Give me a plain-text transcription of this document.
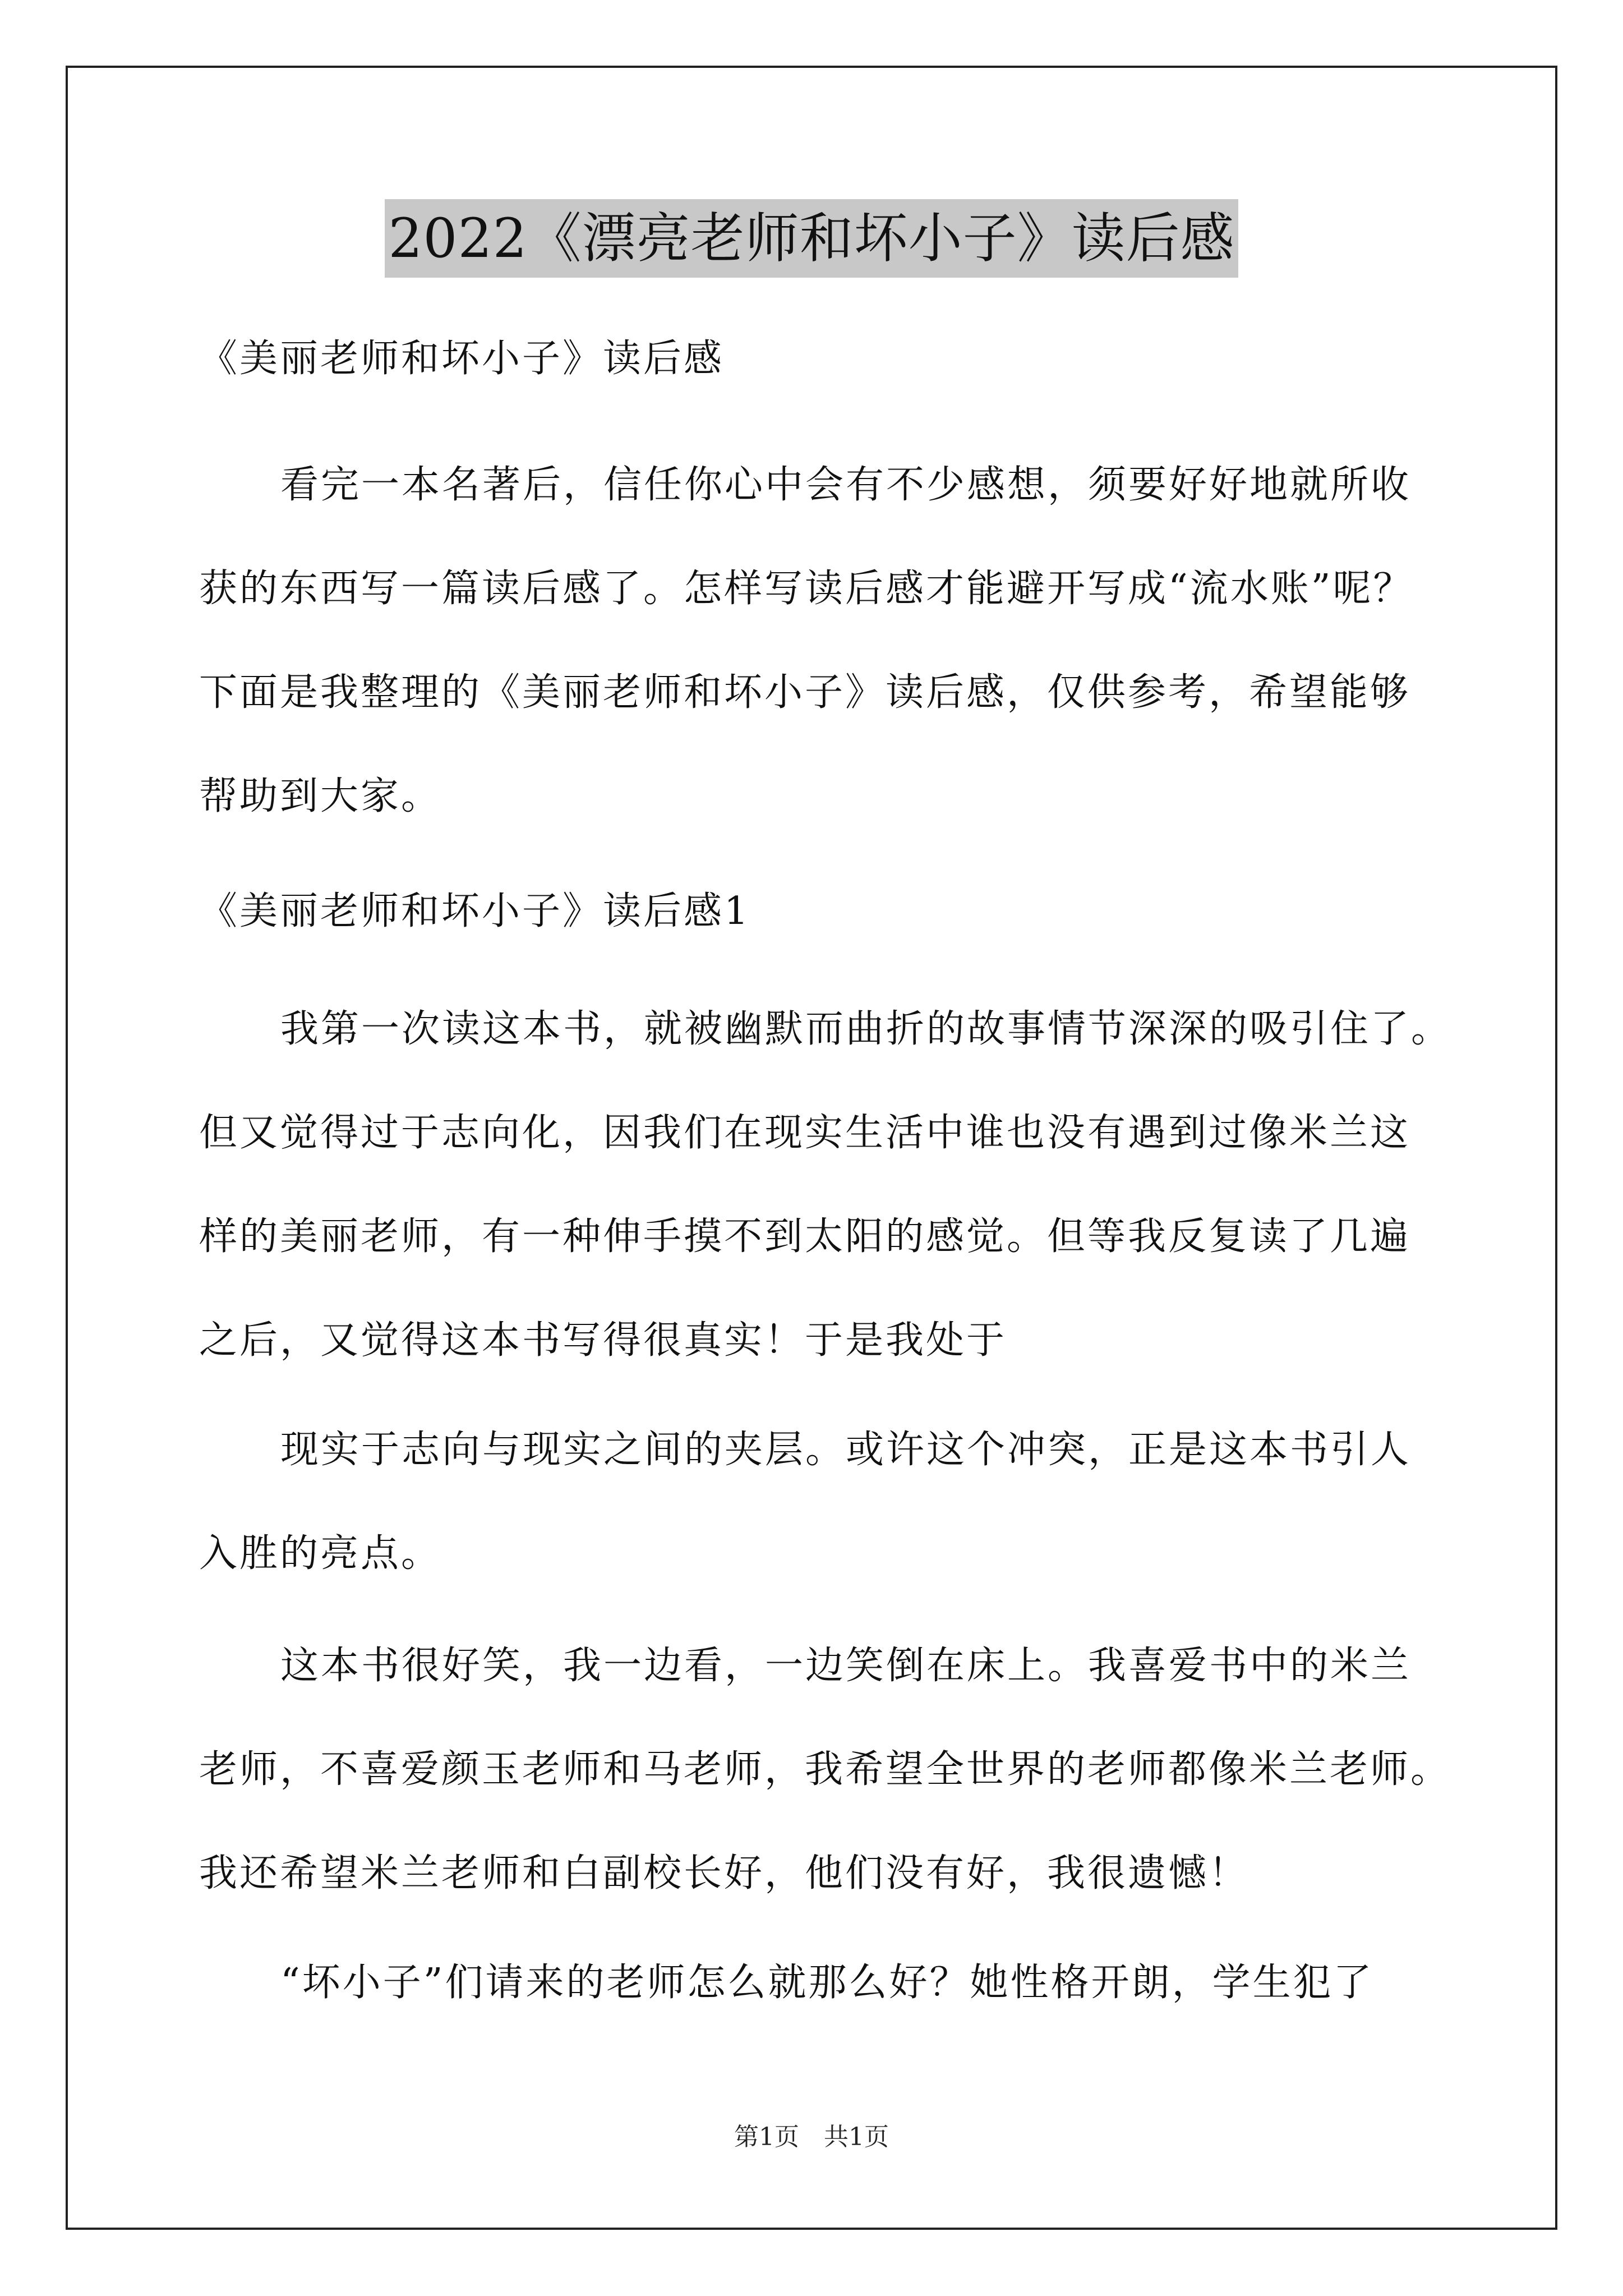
2022《漂亮老师和坏小子》读后感
《美丽老师和坏小子》读后感
看完一本名著后，信任你心中会有不少感想，须要好好地就所收
获的东西写一篇读后感了。怎样写读后感才能避开写成“流水账”呢？
下面是我整理的《美丽老师和坏小子》读后感，仅供参考，希望能够
帮助到大家。
《美丽老师和坏小子》读后感1
我第一次读这本书，就被幽默而曲折的故事情节深深的吸引住了。
但又觉得过于志向化，因我们在现实生活中谁也没有遇到过像米兰这
样的美丽老师，有一种伸手摸不到太阳的感觉。但等我反复读了几遍
之后，又觉得这本书写得很真实！于是我处于
现实于志向与现实之间的夹层。或许这个冲突，正是这本书引人
入胜的亮点。
这本书很好笑，我一边看，一边笑倒在床上。我喜爱书中的米兰
老师，不喜爱颜玉老师和马老师，我希望全世界的老师都像米兰老师。
我还希望米兰老师和白副校长好，他们没有好，我很遗憾！
“坏小子”们请来的老师怎么就那么好？她性格开朗，学生犯了
第1页　共1页
